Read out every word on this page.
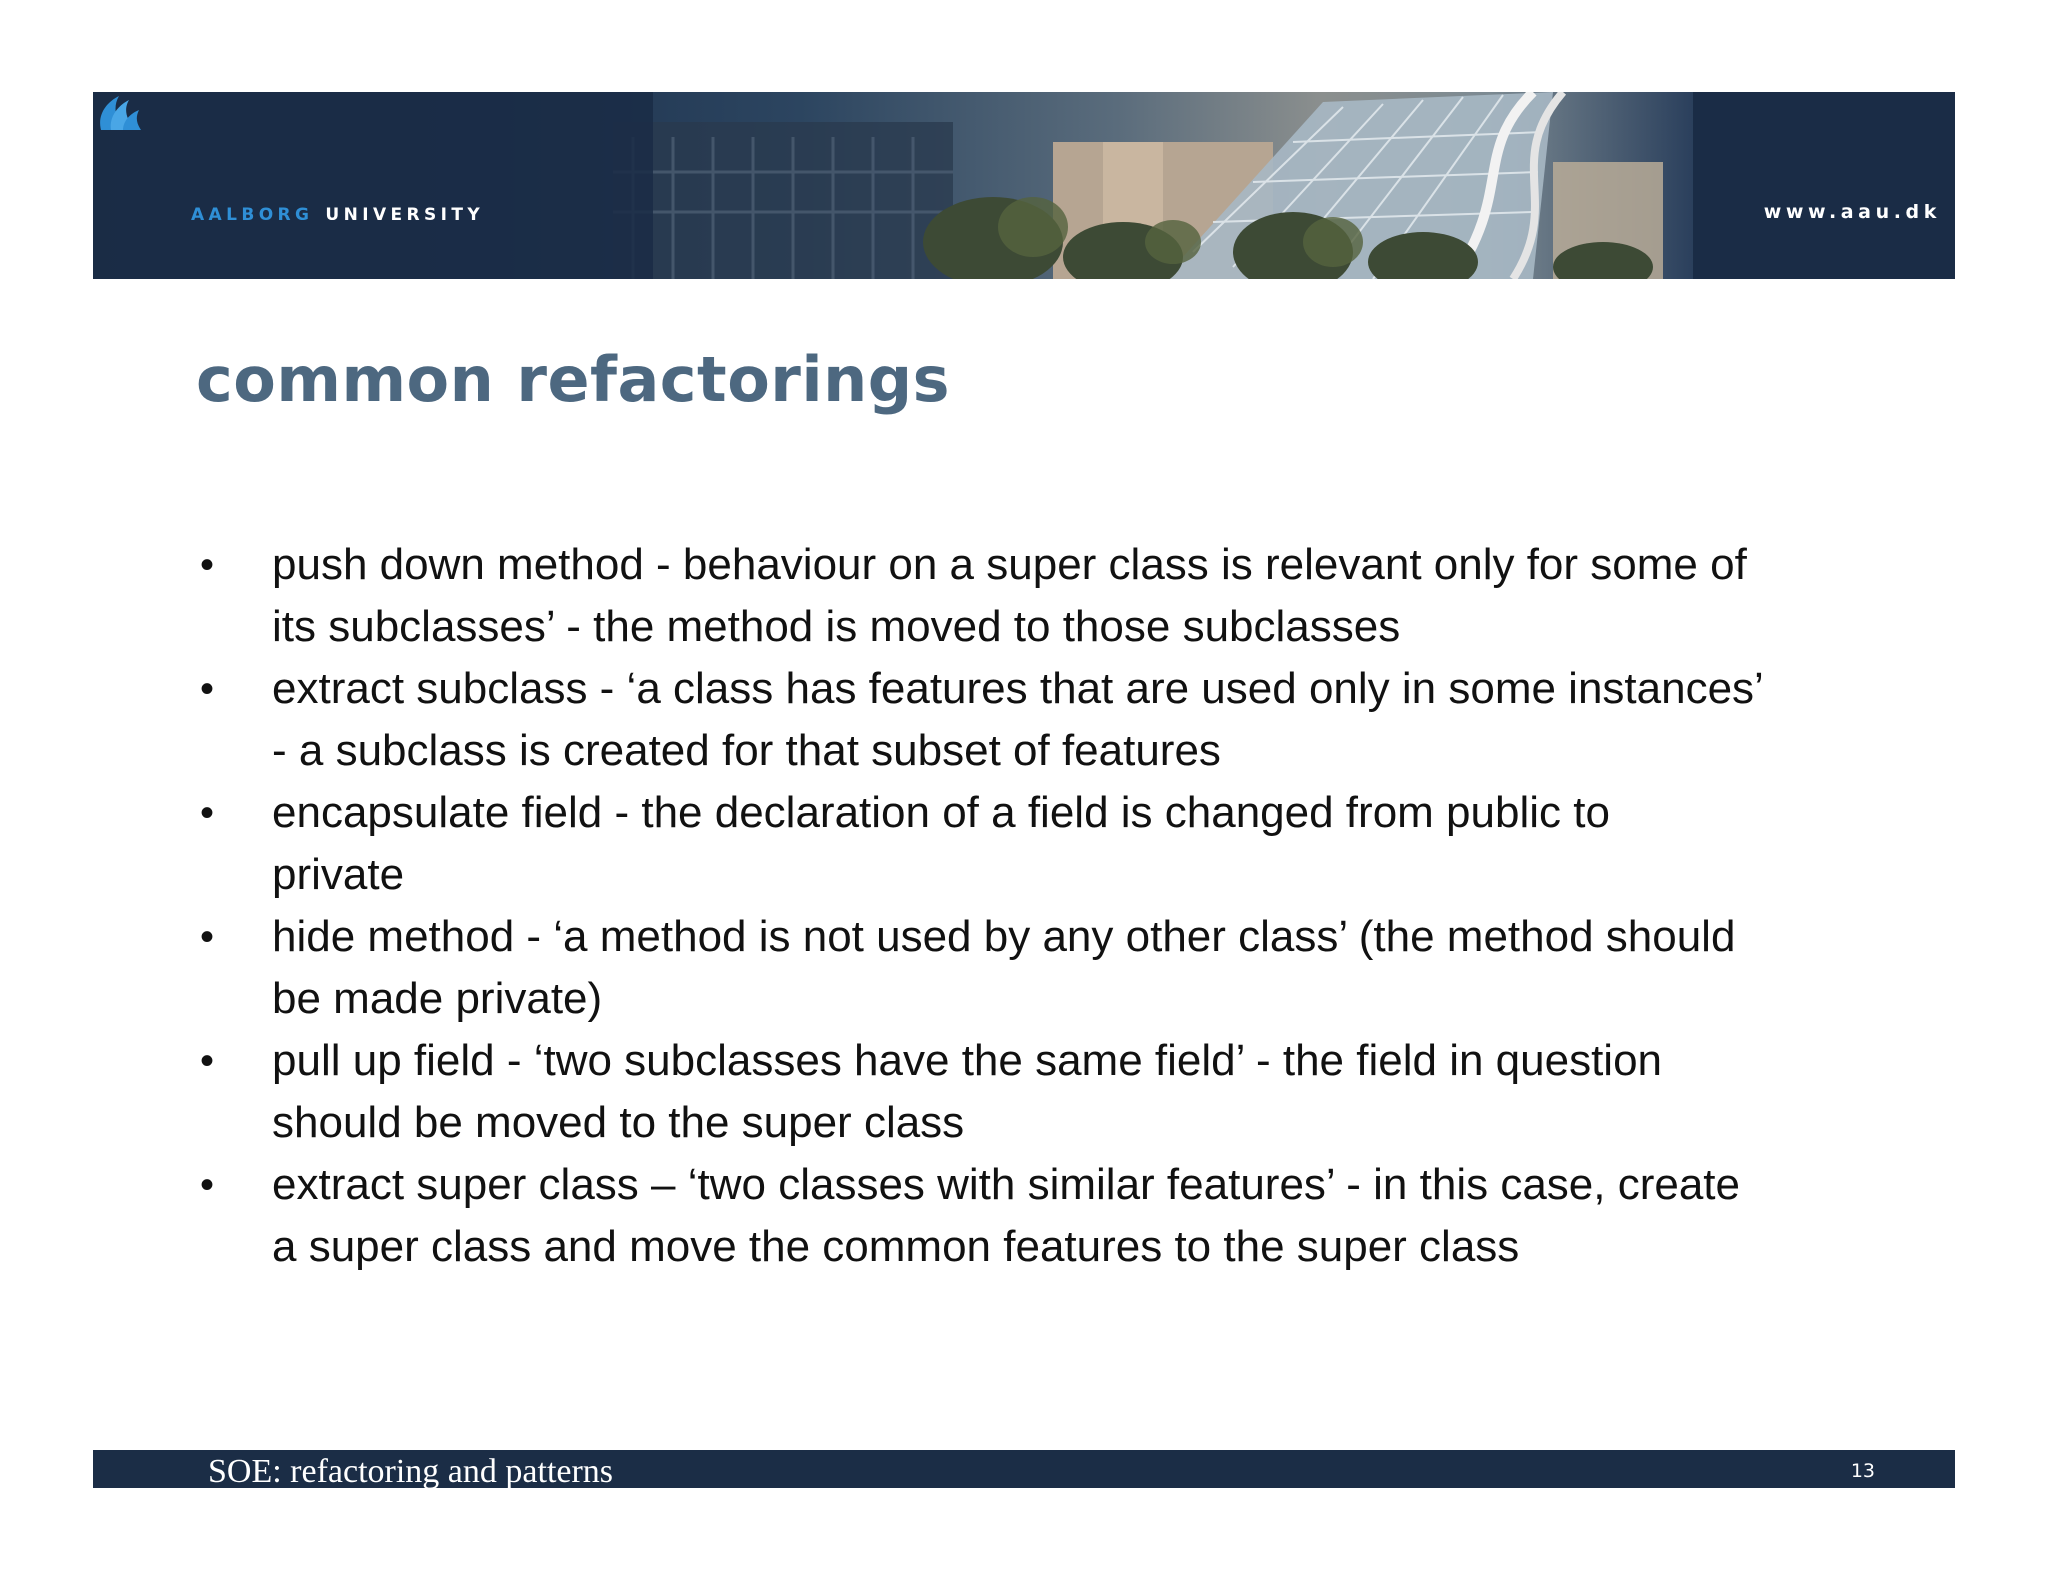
AALBORG UNIVERSITY	www.aau.dk
common refactorings
• push down method - behaviour on a super class is relevant only for some of
its subclasses’ - the method is moved to those subclasses
• extract subclass - ‘a class has features that are used only in some instances’
- a subclass is created for that subset of features
• encapsulate field - the declaration of a field is changed from public to
private
• hide method - ‘a method is not used by any other class’ (the method should
be made private)
• pull up field - ‘two subclasses have the same field’ - the field in question
should be moved to the super class
• extract super class – ‘two classes with similar features’ - in this case, create
a super class and move the common features to the super class
SOE: refactoring and patterns	13
